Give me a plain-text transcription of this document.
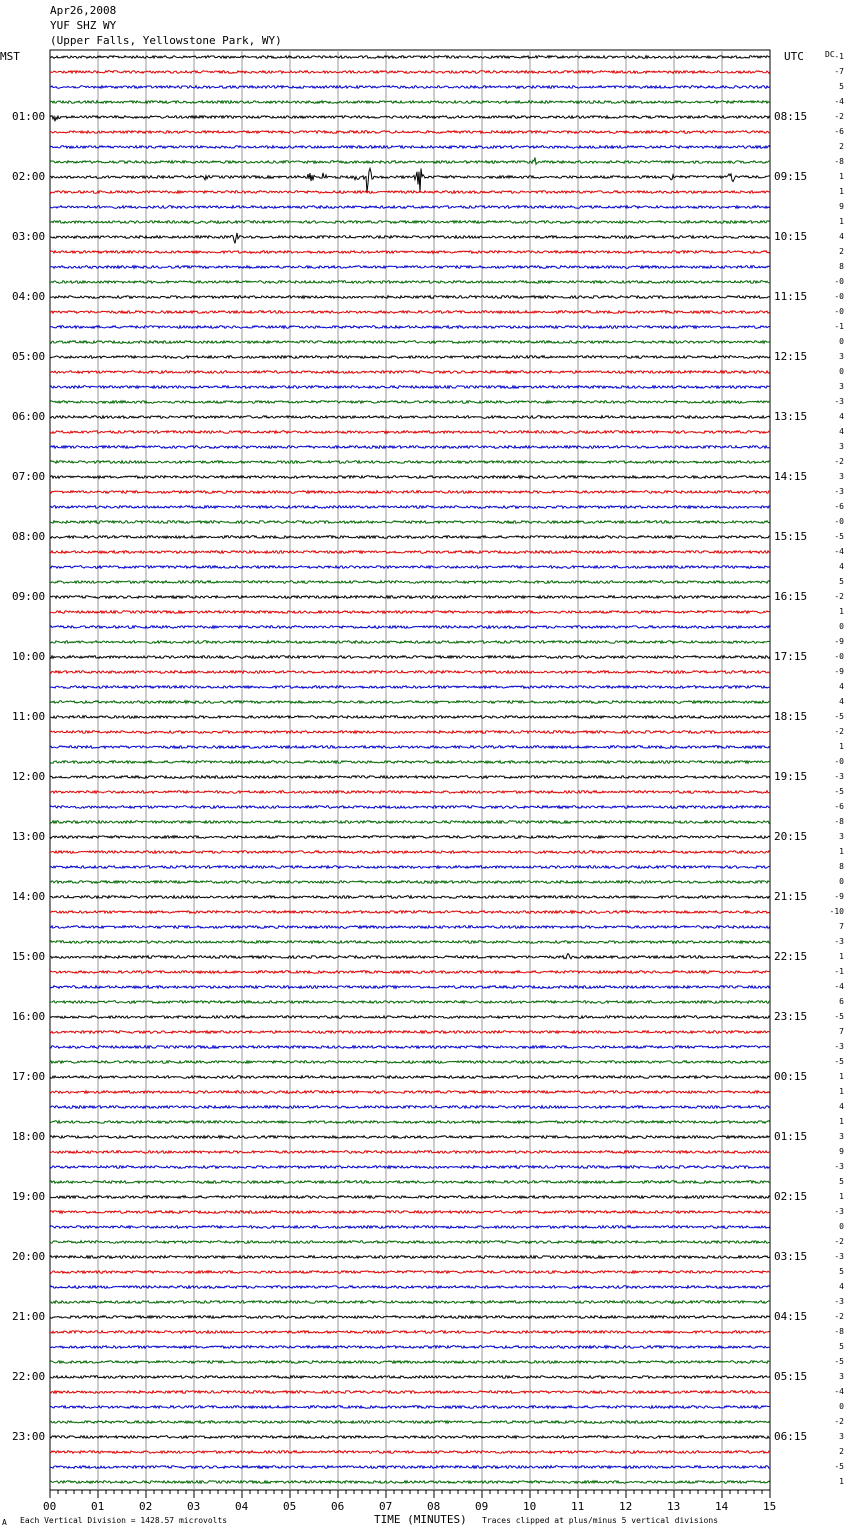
Apr26,2008
YUF SHZ WY
(Upper Falls, Yellowstone Park, WY)
MST	UTC	DC
01:00
02:00
03:00
04:00
05:00
06:00
07:00
08:00
09:00
10:00
11:00
12:00
13:00
14:00
15:00
16:00
17:00
18:00
19:00
20:00
21:00
22:00
23:00
08:15
09:15
10:15
11:15
12:15
13:15
14:15
15:15
16:15
17:15
18:15
19:15
20:15
21:15
22:15
23:15
00:15
01:15
02:15
03:15
04:15
05:15
06:15
-1
-7
5
-4
-2
-6
2
-8
1
1
9
1
4
2
8
-0
-0
-0
-1
0
3
0
3
-3
4
4
3
-2
3
-3
-6
-0
-5
-4
4
5
-2
1
0
-9
-0
-9
4
4
-5
-2
1
-0
-3
-5
-6
-8
3
1
8
0
-9
-10
7
-3
1
-1
-4
6
-5
7
-3
-5
1
1
4
1
3
9
-3
5
1
-3
0
-2
-3
5
4
-3
-2
-8
5
-5
3
-4
0
-2
3
2
-5
1
00	01	02	03	04	05	06	07	08	09	10	11	12	13	14	15
A Each Vertical Division = 1428.57 microvolts	TIME (MINUTES) Traces clipped at plus/minus 5 vertical divisions
